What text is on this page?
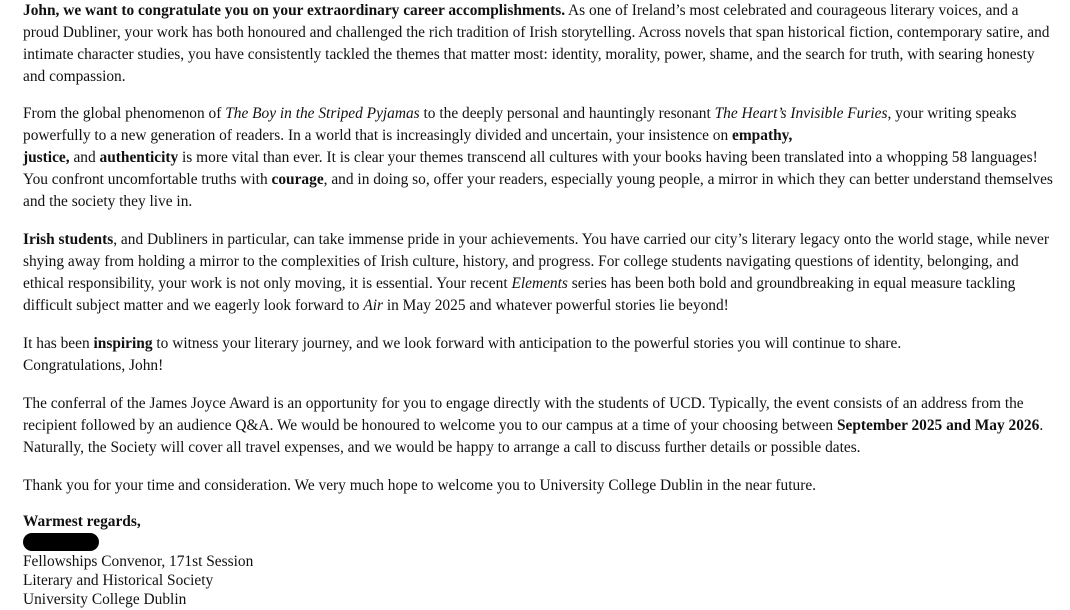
John, we want to congratulate you on your extraordinary career accomplishments. As one of Ireland’s most celebrated and courageous literary voices, and a proud Dubliner, your work has both honoured and challenged the rich tradition of Irish storytelling. Across novels that span historical fiction, contemporary satire, and intimate character studies, you have consistently tackled the themes that matter most: identity, morality, power, shame, and the search for truth, with searing honesty and compassion.

From the global phenomenon of The Boy in the Striped Pyjamas to the deeply personal and hauntingly resonant The Heart’s Invisible Furies, your writing speaks powerfully to a new generation of readers. In a world that is increasingly divided and uncertain, your insistence on empathy,
justice, and authenticity is more vital than ever. It is clear your themes transcend all cultures with your books having been translated into a whopping 58 languages! You confront uncomfortable truths with courage, and in doing so, offer your readers, especially young people, a mirror in which they can better understand themselves and the society they live in.

Irish students, and Dubliners in particular, can take immense pride in your achievements. You have carried our city’s literary legacy onto the world stage, while never shying away from holding a mirror to the complexities of Irish culture, history, and progress. For college students navigating questions of identity, belonging, and ethical responsibility, your work is not only moving, it is essential. Your recent Elements series has been both bold and groundbreaking in equal measure tackling difficult subject matter and we eagerly look forward to Air in May 2025 and whatever powerful stories lie beyond!

It has been inspiring to witness your literary journey, and we look forward with anticipation to the powerful stories you will continue to share.
Congratulations, John!

The conferral of the James Joyce Award is an opportunity for you to engage directly with the students of UCD. Typically, the event consists of an address from the recipient followed by an audience Q&A. We would be honoured to welcome you to our campus at a time of your choosing between September 2025 and May 2026. Naturally, the Society will cover all travel expenses, and we would be happy to arrange a call to discuss further details or possible dates.

Thank you for your time and consideration. We very much hope to welcome you to University College Dublin in the near future.

Warmest regards,

Fellowships Convenor, 171st Session

Literary and Historical Society

University College Dublin
